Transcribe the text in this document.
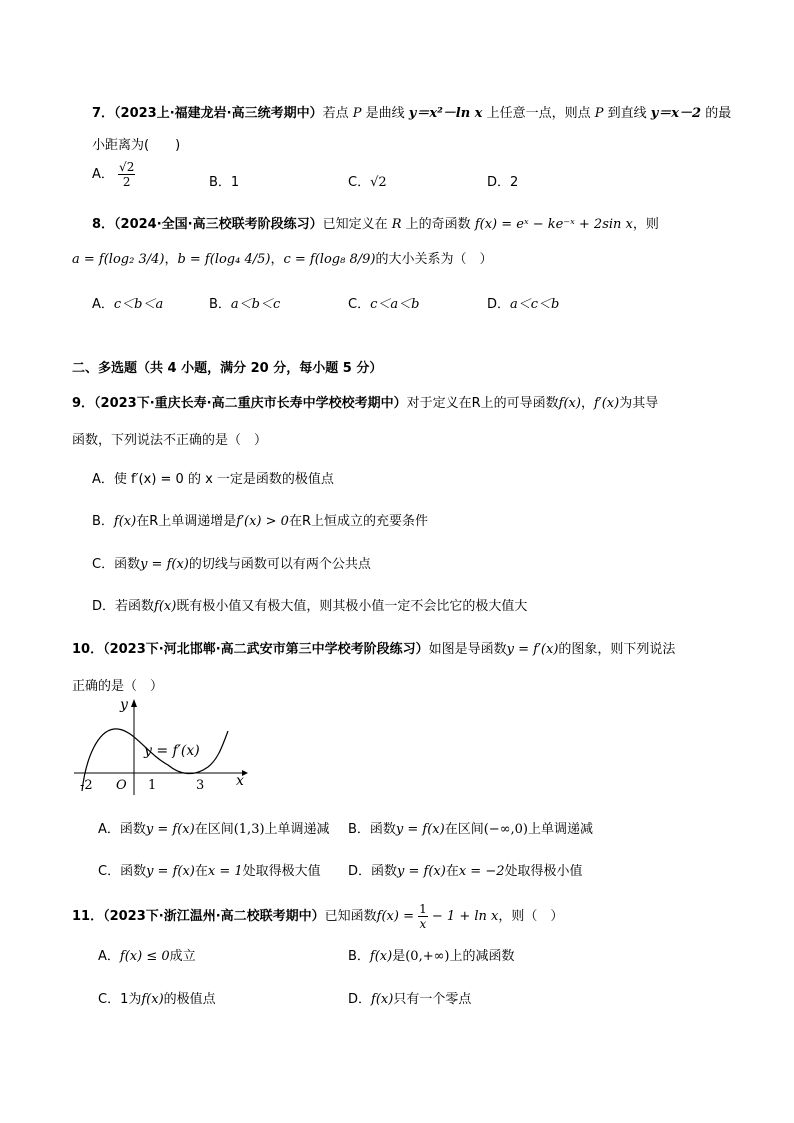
7．（2023上·福建龙岩·高三统考期中）若点 P 是曲线 y＝x²－ln x 上任意一点，则点 P 到直线 y＝x－2 的最
小距离为(　　)
A． $\frac{√2}{2}$	B．1	C．√2	D．2
8．（2024·全国·高三校联考阶段练习）已知定义在 R 上的奇函数 f(x) = eˣ − ke⁻ˣ + 2sin x，则
a = f(log₂ 3/4)，b = f(log₄ 4/5)，c = f(log₈ 8/9)的大小关系为（　）
A．c＜b＜a	B．a＜b＜c	C．c＜a＜b	D．a＜c＜b
二、多选题（共 4 小题，满分 20 分，每小题 5 分）
9．（2023下·重庆长寿·高二重庆市长寿中学校校考期中）对于定义在R上的可导函数f(x)，f′(x)为其导
函数，下列说法不正确的是（　）
A．使 f′(x) = 0 的 x 一定是函数的极值点
B．f(x)在R上单调递增是f′(x) > 0在R上恒成立的充要条件
C．函数y = f(x)的切线与函数可以有两个公共点
D．若函数f(x)既有极小值又有极大值，则其极小值一定不会比它的极大值大
10．（2023下·河北邯郸·高二武安市第三中学校考阶段练习）如图是导函数y = f′(x)的图象，则下列说法
正确的是（　）
y
x
y = f′(x)
O
-2	1	3
A．函数y = f(x)在区间(1,3)上单调递减 B．函数y = f(x)在区间(−∞,0)上单调递减
C．函数y = f(x)在x = 1处取得极大值 D．函数y = f(x)在x = −2处取得极小值
11．（2023下·浙江温州·高二校联考期中）已知函数$f(x) = \frac{1}{x} - 1 + \ln x$，则（　）
A．f(x) ≤ 0成立	B．f(x)是(0,+∞)上的减函数
C．1为f(x)的极值点	D．f(x)只有一个零点
